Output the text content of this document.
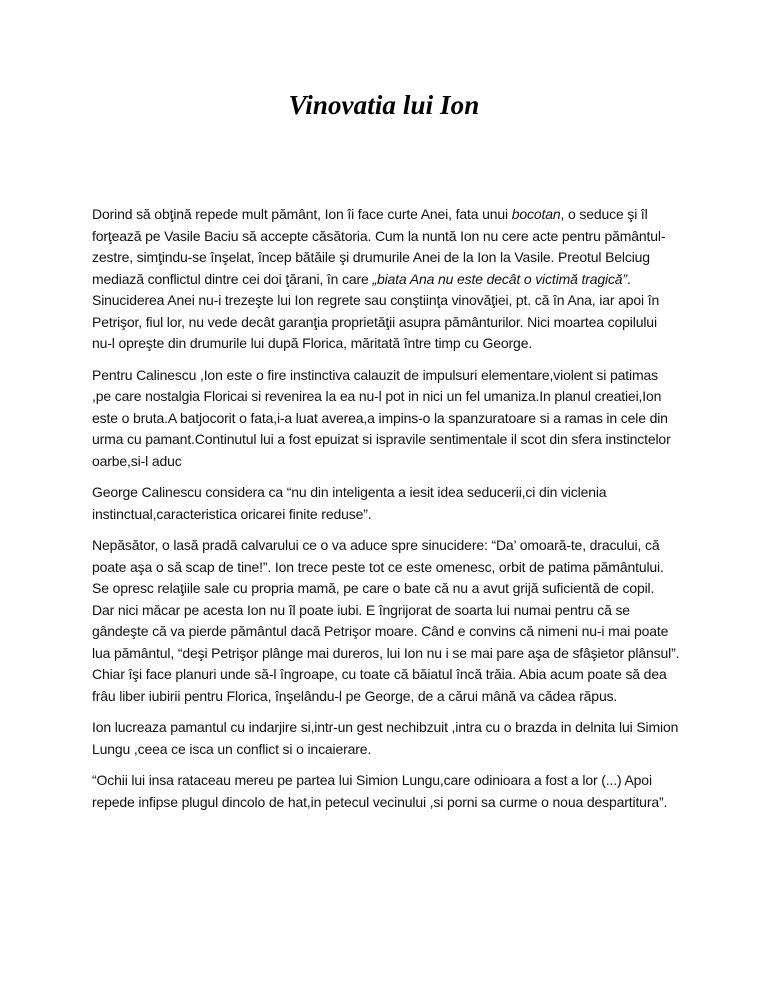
Vinovatia lui Ion

Dorind să obţină repede mult pământ, Ion îi face curte Anei, fata unui bocotan, o seduce şi îl forţează pe Vasile Baciu să accepte căsătoria. Cum la nuntă Ion nu cere acte pentru pământul-zestre, simţindu-se înşelat, încep bătăile şi drumurile Anei de la Ion la Vasile. Preotul Belciug mediază conflictul dintre cei doi ţărani, în care „biata Ana nu este decât o victimă tragică”. Sinuciderea Anei nu-i trezeşte lui Ion regrete sau conştiinţa vinovăţiei, pt. că în Ana, iar apoi în Petrişor, fiul lor, nu vede decât garanţia proprietăţii asupra pământurilor. Nici moartea copilului nu-l opreşte din drumurile lui după Florica, măritată între timp cu George.

Pentru Calinescu ,Ion este o fire instinctiva calauzit de impulsuri elementare,violent si patimas ,pe care nostalgia Floricai si revenirea la ea nu-l pot in nici un fel umaniza.In planul creatiei,Ion este o bruta.A batjocorit o fata,i-a luat averea,a impins-o la spanzuratoare si a ramas in cele din urma cu pamant.Continutul lui a fost epuizat si ispravile sentimentale il scot din sfera instinctelor oarbe,si-l aduc

George Calinescu considera ca “nu din inteligenta a iesit idea seducerii,ci din viclenia instinctual,caracteristica oricarei finite reduse”.

Nepăsător, o lasă pradă calvarului ce o va aduce spre sinucidere: “Da’ omoară-te, dracului, că poate aşa o să scap de tine!”. Ion trece peste tot ce este omenesc, orbit de patima pământului. Se opresc relaţiile sale cu propria mamă, pe care o bate că nu a avut grijă suficientă de copil. Dar nici măcar pe acesta Ion nu îl poate iubi. E îngrijorat de soarta lui numai pentru că se gândeşte că va pierde pământul dacă Petrişor moare. Când e convins că nimeni nu-i mai poate lua pământul, “deşi Petrişor plânge mai dureros, lui Ion nu i se mai pare aşa de sfâşietor plânsul”. Chiar îşi face planuri unde să-l îngroape, cu toate că băiatul încă trăia. Abia acum poate să dea frâu liber iubirii pentru Florica, înşelându-l pe George, de a cărui mână va cădea răpus.

Ion lucreaza pamantul cu indarjire si,intr-un gest nechibzuit ,intra cu o brazda in delnita lui Simion Lungu ,ceea ce isca un conflict si o incaierare.

“Ochii lui insa rataceau mereu pe partea lui Simion Lungu,care odinioara a fost a lor (...) Apoi repede infipse plugul dincolo de hat,in petecul vecinului ,si porni sa curme o noua despartitura”.
